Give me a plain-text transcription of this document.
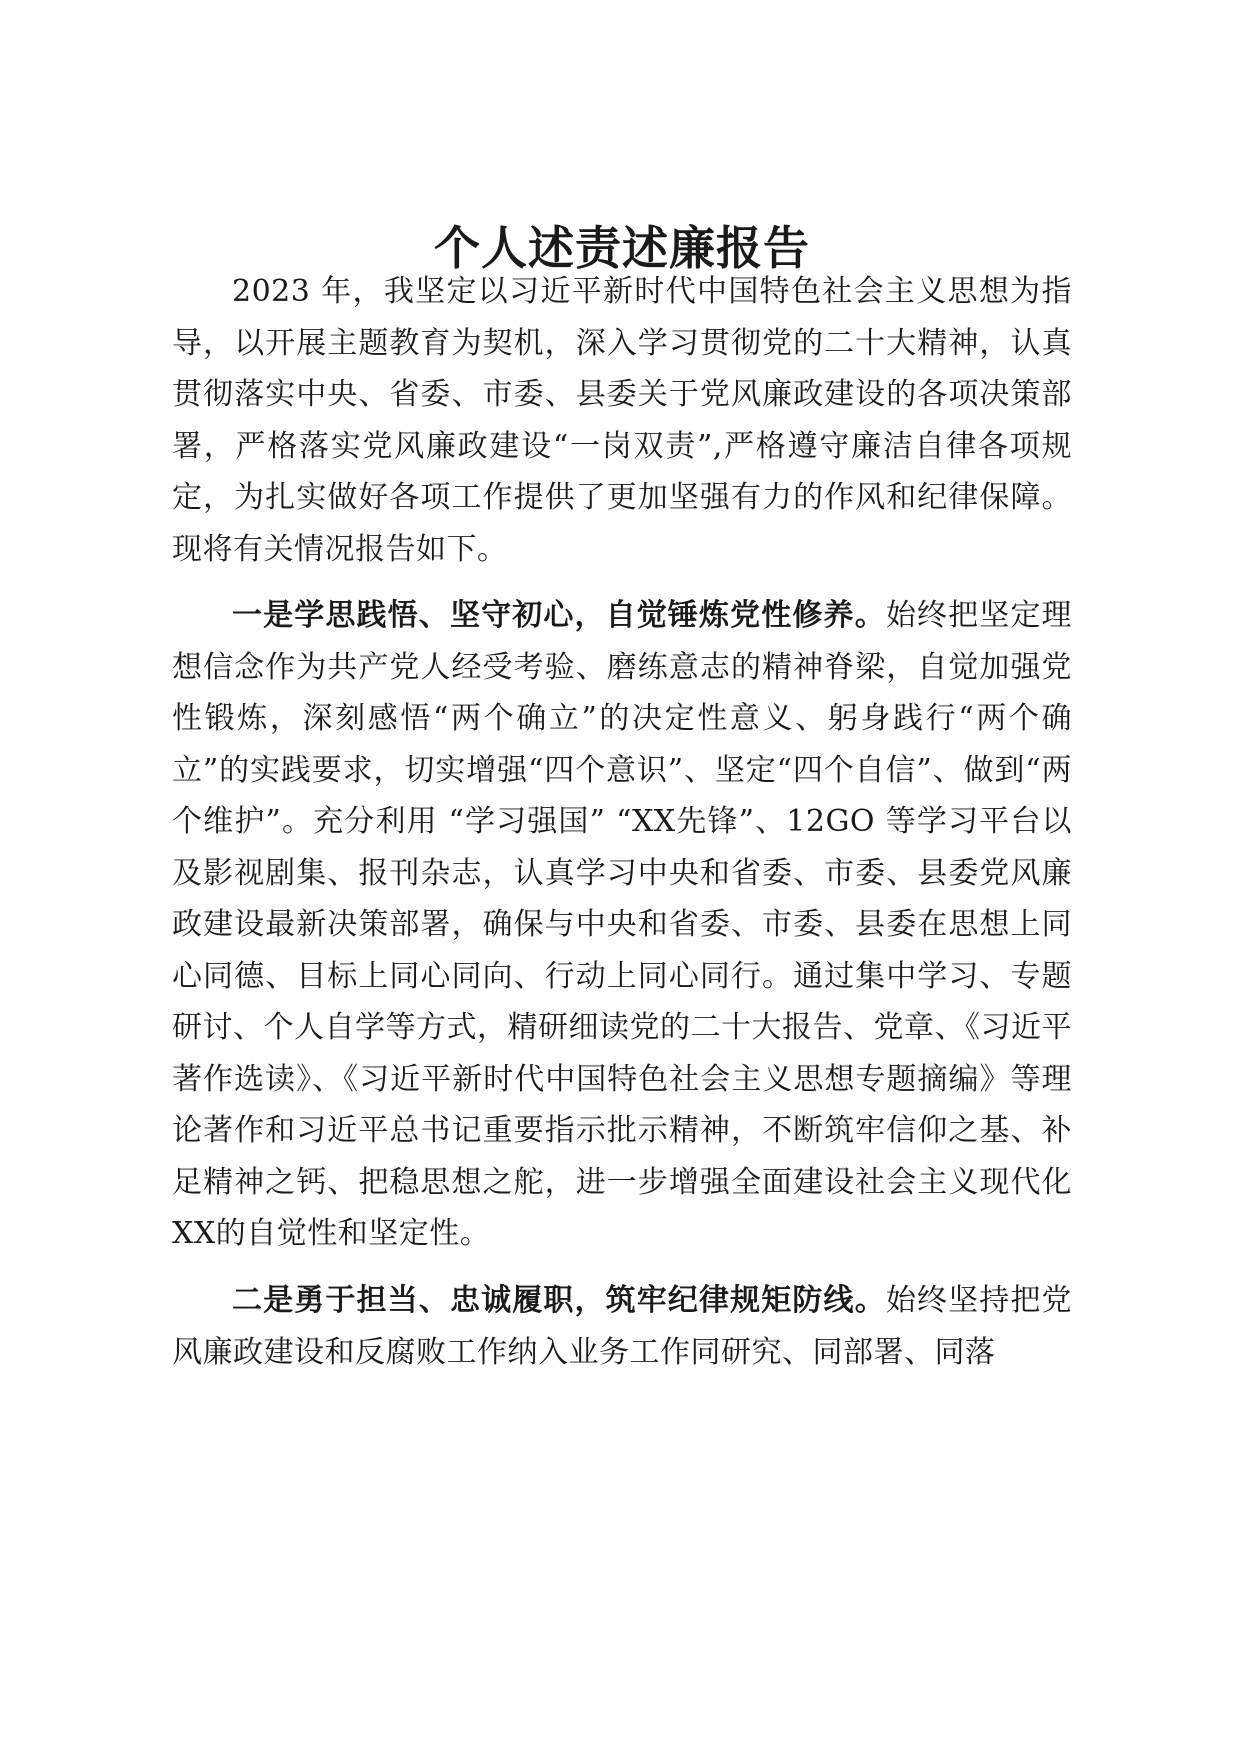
个人述责述廉报告

2023 年，我坚定以习近平新时代中国特色社会主义思想为指导，以开展主题教育为契机，深入学习贯彻党的二十大精神，认真贯彻落实中央、省委、市委、县委关于党风廉政建设的各项决策部署，严格落实党风廉政建设“一岗双责”,严格遵守廉洁自律各项规定，为扎实做好各项工作提供了更加坚强有力的作风和纪律保障。现将有关情况报告如下。

一是学思践悟、坚守初心，自觉锤炼党性修养。始终把坚定理想信念作为共产党人经受考验、磨练意志的精神脊梁，自觉加强党性锻炼，深刻感悟“两个确立”的决定性意义、躬身践行“两个确立”的实践要求，切实增强“四个意识”、坚定“四个自信”、做到“两个维护”。充分利用 “学习强国” “XX先锋”、12GO 等学习平台以及影视剧集、报刊杂志，认真学习中央和省委、市委、县委党风廉政建设最新决策部署，确保与中央和省委、市委、县委在思想上同心同德、目标上同心同向、行动上同心同行。通过集中学习、专题研讨、个人自学等方式，精研细读党的二十大报告、党章、《习近平著作选读》、《习近平新时代中国特色社会主义思想专题摘编》等理论著作和习近平总书记重要指示批示精神，不断筑牢信仰之基、补足精神之钙、把稳思想之舵，进一步增强全面建设社会主义现代化XX的自觉性和坚定性。

二是勇于担当、忠诚履职，筑牢纪律规矩防线。始终坚持把党风廉政建设和反腐败工作纳入业务工作同研究、同部署、同落
